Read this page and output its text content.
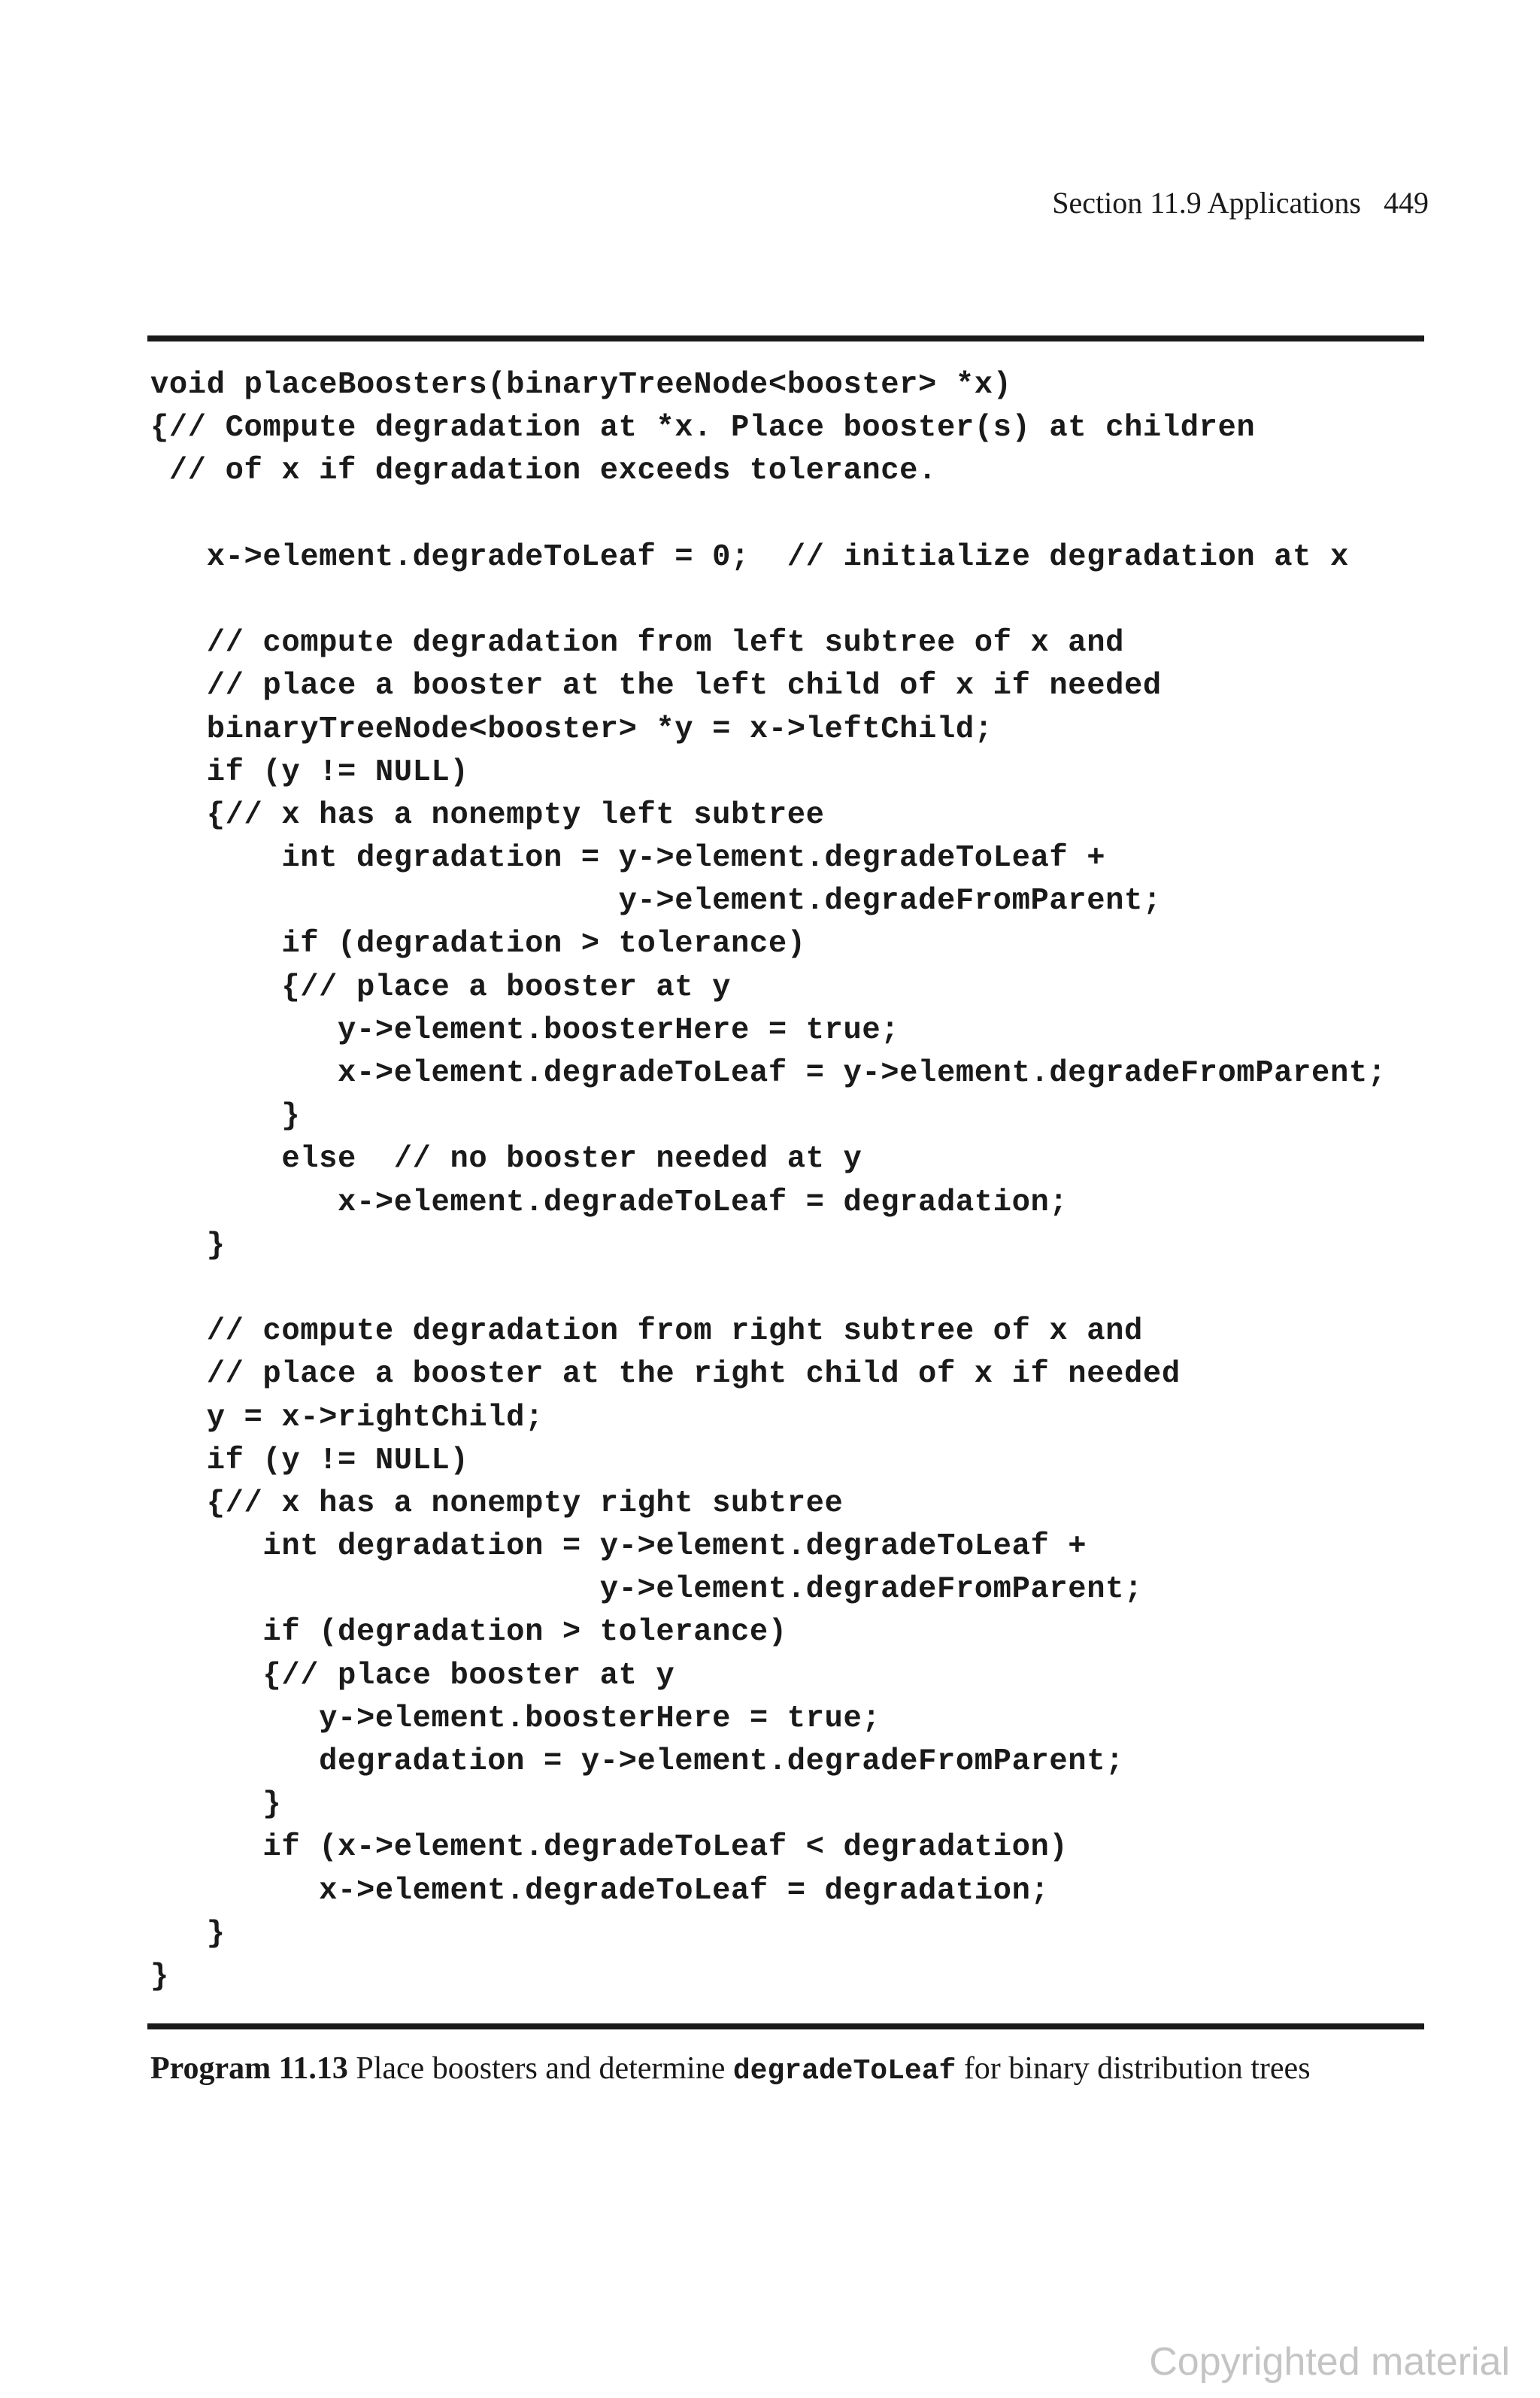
Section 11.9 Applications 449
void placeBoosters(binaryTreeNode<booster> *x)
{// Compute degradation at *x. Place booster(s) at children
// of x if degradation exceeds tolerance.
x->element.degradeToLeaf = 0;  // initialize degradation at x
// compute degradation from left subtree of x and
// place a booster at the left child of x if needed
binaryTreeNode<booster> *y = x->leftChild;
if (y != NULL)
{// x has a nonempty left subtree
int degradation = y->element.degradeToLeaf +
y->element.degradeFromParent;
if (degradation > tolerance)
{// place a booster at y
y->element.boosterHere = true;
x->element.degradeToLeaf = y->element.degradeFromParent;
}
else  // no booster needed at y
x->element.degradeToLeaf = degradation;
}
// compute degradation from right subtree of x and
// place a booster at the right child of x if needed
y = x->rightChild;
if (y != NULL)
{// x has a nonempty right subtree
int degradation = y->element.degradeToLeaf +
y->element.degradeFromParent;
if (degradation > tolerance)
{// place booster at y
y->element.boosterHere = true;
degradation = y->element.degradeFromParent;
}
if (x->element.degradeToLeaf < degradation)
x->element.degradeToLeaf = degradation;
}
}
Program 11.13 Place boosters and determine degradeToLeaf for binary distribution trees
Copyrighted material
